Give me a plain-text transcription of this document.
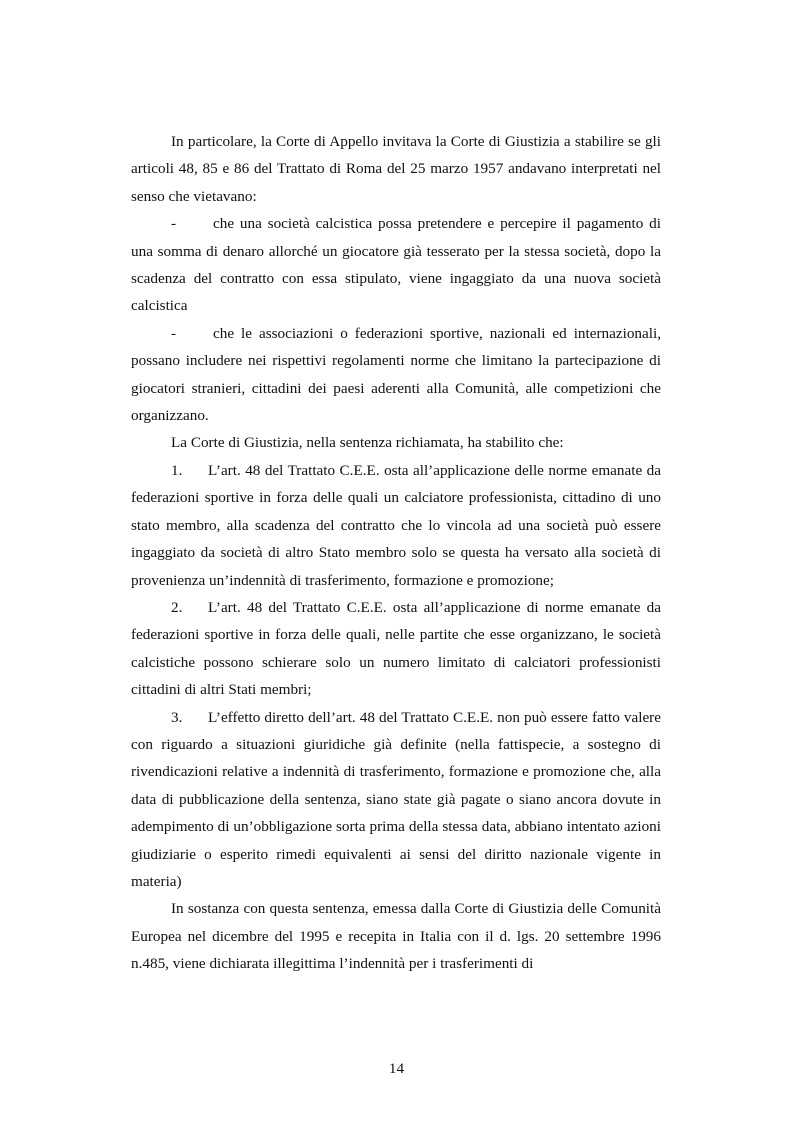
In particolare, la Corte di Appello invitava la Corte di Giustizia a stabilire se gli articoli 48, 85 e 86 del Trattato di Roma del 25 marzo 1957 andavano interpretati nel senso che vietavano:

- che una società calcistica possa pretendere e percepire il pagamento di una somma di denaro allorché un giocatore già tesserato per la stessa società, dopo la scadenza del contratto con essa stipulato, viene ingaggiato da una nuova società calcistica

- che le associazioni o federazioni sportive, nazionali ed internazionali, possano includere nei rispettivi regolamenti norme che limitano la partecipazione di giocatori stranieri, cittadini dei paesi aderenti alla Comunità, alle competizioni che organizzano.

La Corte di Giustizia, nella sentenza richiamata, ha stabilito che:

1. L’art. 48 del Trattato C.E.E. osta all’applicazione delle norme emanate da federazioni sportive in forza delle quali un calciatore professionista, cittadino di uno stato membro, alla scadenza del contratto che lo vincola ad una società può essere ingaggiato da società di altro Stato membro solo se questa ha versato alla società di provenienza un’indennità di trasferimento, formazione e promozione;

2. L’art. 48 del Trattato C.E.E. osta all’applicazione di norme emanate da federazioni sportive in forza delle quali, nelle partite che esse organizzano, le società calcistiche possono schierare solo un numero limitato di calciatori professionisti cittadini di altri Stati membri;

3. L’effetto diretto dell’art. 48 del Trattato C.E.E. non può essere fatto valere con riguardo a situazioni giuridiche già definite (nella fattispecie, a sostegno di rivendicazioni relative a indennità di trasferimento, formazione e promozione che, alla data di pubblicazione della sentenza, siano state già pagate o siano ancora dovute in adempimento di un’obbligazione sorta prima della stessa data, abbiano intentato azioni giudiziarie o esperito rimedi equivalenti ai sensi del diritto nazionale vigente in materia)

In sostanza con questa sentenza, emessa dalla Corte di Giustizia delle Comunità Europea nel dicembre del 1995 e recepita in Italia con il d. lgs. 20 settembre 1996 n.485, viene dichiarata illegittima l’indennità per i trasferimenti di

14
